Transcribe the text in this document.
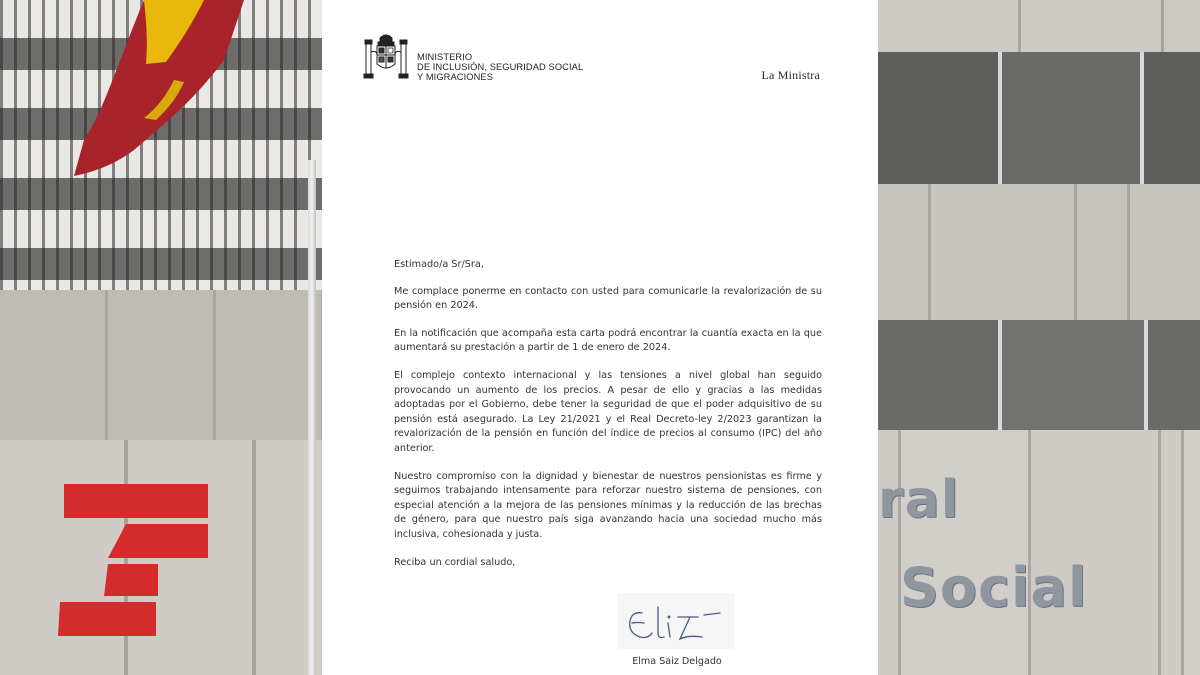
ral
Social
MINISTERIO
DE INCLUSIÓN, SEGURIDAD SOCIAL
Y MIGRACIONES	La Ministra

Estimado/a Sr/Sra,

Me complace ponerme en contacto con usted para comunicarle la revalorización de su pensión en 2024.

En la notificación que acompaña esta carta podrá encontrar la cuantía exacta en la que aumentará su prestación a partir de 1 de enero de 2024.

El complejo contexto internacional y las tensiones a nivel global han seguido provocando un aumento de los precios. A pesar de ello y gracias a las medidas adoptadas por el Gobierno, debe tener la seguridad de que el poder adquisitivo de su pensión está asegurado. La Ley 21/2021 y el Real Decreto-ley 2/2023 garantizan la revalorización de la pensión en función del índice de precios al consumo (IPC) del año anterior.

Nuestro compromiso con la dignidad y bienestar de nuestros pensionistas es firme y seguimos trabajando intensamente para reforzar nuestro sistema de pensiones, con especial atención a la mejora de las pensiones mínimas y la reducción de las brechas de género, para que nuestro país siga avanzando hacia una sociedad mucho más inclusiva, cohesionada y justa.

Reciba un cordial saludo,

Elma Saiz Delgado
